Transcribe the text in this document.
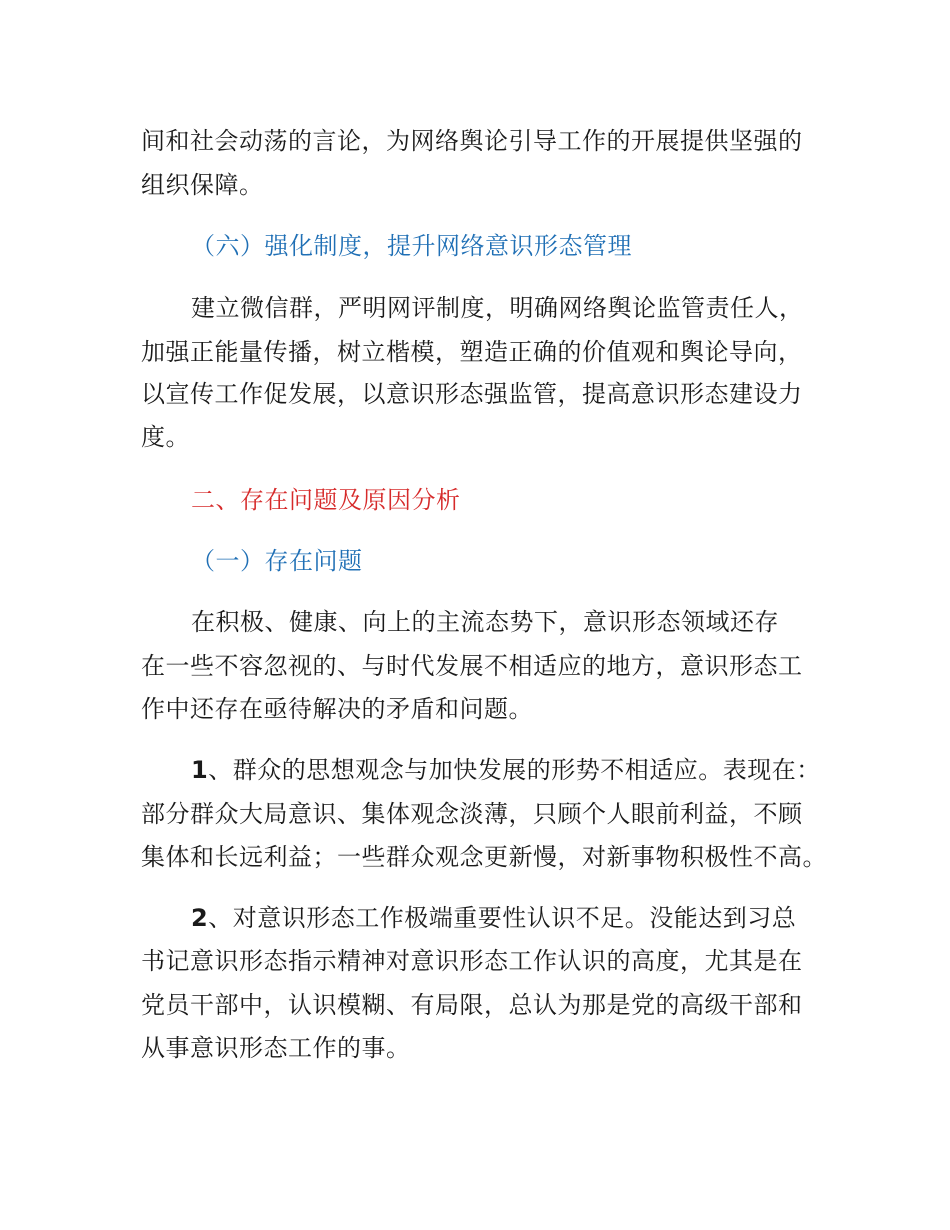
间和社会动荡的言论，为网络舆论引导工作的开展提供坚强的
组织保障。
（六）强化制度，提升网络意识形态管理
建立微信群，严明网评制度，明确网络舆论监管责任人，
加强正能量传播，树立楷模，塑造正确的价值观和舆论导向，
以宣传工作促发展，以意识形态强监管，提高意识形态建设力
度。
二、存在问题及原因分析
（一）存在问题
在积极、健康、向上的主流态势下，意识形态领域还存
在一些不容忽视的、与时代发展不相适应的地方，意识形态工
作中还存在亟待解决的矛盾和问题。
1、群众的思想观念与加快发展的形势不相适应。表现在：
部分群众大局意识、集体观念淡薄，只顾个人眼前利益，不顾
集体和长远利益；一些群众观念更新慢，对新事物积极性不高。
2、对意识形态工作极端重要性认识不足。没能达到习总
书记意识形态指示精神对意识形态工作认识的高度，尤其是在
党员干部中，认识模糊、有局限，总认为那是党的高级干部和
从事意识形态工作的事。
